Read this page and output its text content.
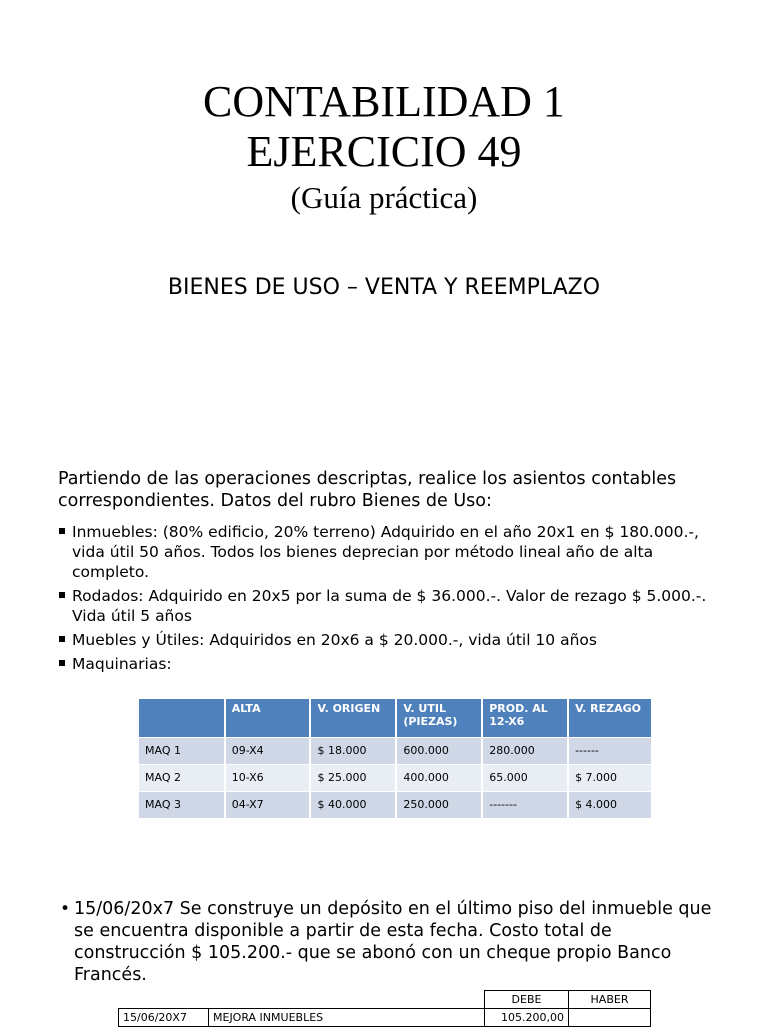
CONTABILIDAD 1
EJERCICIO 49
(Guía práctica)
BIENES DE USO – VENTA Y REEMPLAZO
Partiendo de las operaciones descriptas, realice los asientos contables correspondientes. Datos del rubro Bienes de Uso:
Inmuebles: (80% edificio, 20% terreno) Adquirido en el año 20x1 en $ 180.000.-, vida útil 50 años. Todos los bienes deprecian por método lineal año de alta completo.
Rodados: Adquirido en 20x5 por la suma de $ 36.000.-. Valor de rezago $ 5.000.-. Vida útil 5 años
Muebles y Útiles: Adquiridos en 20x6 a $ 20.000.-, vida útil 10 años
Maquinarias:
	ALTA	V. ORIGEN	V. UTIL (PIEZAS)	PROD. AL 12-X6	V. REZAGO
MAQ 1	09-X4	$ 18.000	600.000	280.000	------
MAQ 2	10-X6	$ 25.000	400.000	65.000	$ 7.000
MAQ 3	04-X7	$ 40.000	250.000	-------	$ 4.000
• 15/06/20x7 Se construye un depósito en el último piso del inmueble que se encuentra disponible a partir de esta fecha. Costo total de construcción $ 105.200.- que se abonó con un cheque propio Banco Francés.
		DEBE	HABER
15/06/20X7	MEJORA INMUEBLES	105.200,00	
